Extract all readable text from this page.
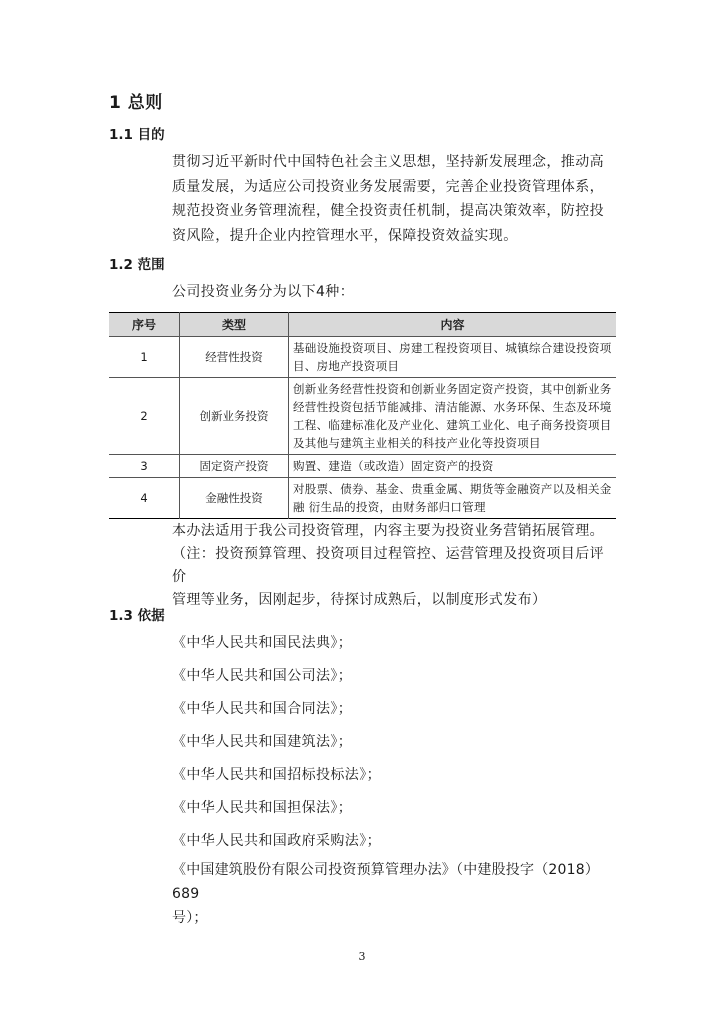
1 总则
1.1 目的
贯彻习近平新时代中国特色社会主义思想，坚持新发展理念，推动高
质量发展，为适应公司投资业务发展需要，完善企业投资管理体系，
规范投资业务管理流程，健全投资责任机制，提高决策效率，防控投
资风险，提升企业内控管理水平，保障投资效益实现。
1.2 范围
公司投资业务分为以下4种：
序号	类型	内容
1	经营性投资	基础设施投资项目、房建工程投资项目、城镇综合建设投资项目、房地产投资项目
2	创新业务投资	创新业务经营性投资和创新业务固定资产投资，其中创新业务经营性投资包括节能减排、清洁能源、水务环保、生态及环境工程、临建标准化及产业化、建筑工业化、电子商务投资项目及其他与建筑主业相关的科技产业化等投资项目
3	固定资产投资	购置、建造（或改造）固定资产的投资
4	金融性投资	对股票、债券、基金、贵重金属、期货等金融资产以及相关金融 衍生品的投资，由财务部归口管理
本办法适用于我公司投资管理，内容主要为投资业务营销拓展管理。
（注：投资预算管理、投资项目过程管控、运营管理及投资项目后评价
管理等业务，因刚起步，待探讨成熟后，以制度形式发布）
1.3 依据
《中华人民共和国民法典》；
《中华人民共和国公司法》；
《中华人民共和国合同法》；
《中华人民共和国建筑法》；
《中华人民共和国招标投标法》；
《中华人民共和国担保法》；
《中华人民共和国政府采购法》；
《中国建筑股份有限公司投资预算管理办法》（中建股投字（2018）689
号）；
3
